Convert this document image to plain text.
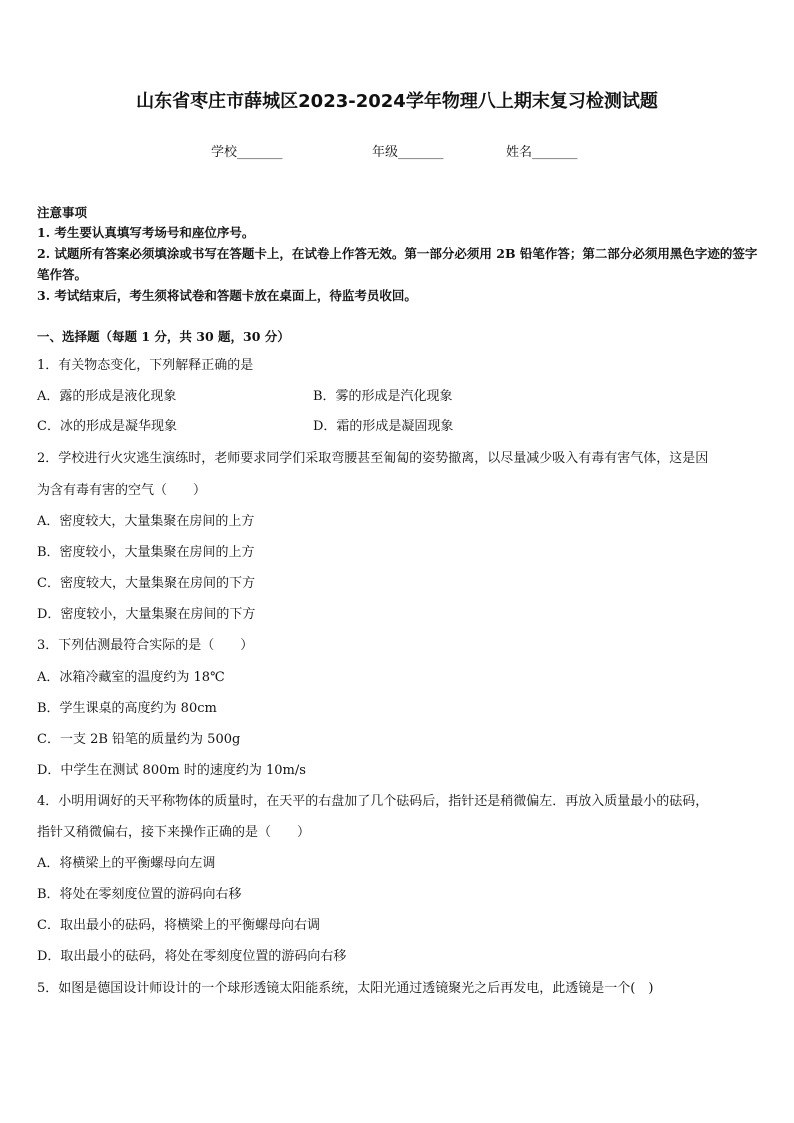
山东省枣庄市薛城区2023-2024学年物理八上期末复习检测试题
学校_______	年级_______	姓名_______
注意事项
1. 考生要认真填写考场号和座位序号。
2. 试题所有答案必须填涂或书写在答题卡上，在试卷上作答无效。第一部分必须用 2B 铅笔作答；第二部分必须用黑色字迹的签字笔作答。
3. 考试结束后，考生须将试卷和答题卡放在桌面上，待监考员收回。
一、选择题（每题 1 分，共 30 题，30 分）
1．有关物态变化，下列解释正确的是
A．露的形成是液化现象	B．雾的形成是汽化现象
C．冰的形成是凝华现象	D．霜的形成是凝固现象
2．学校进行火灾逃生演练时，老师要求同学们采取弯腰甚至匍匐的姿势撤离，以尽量减少吸入有毒有害气体，这是因
为含有毒有害的空气（　　）
A．密度较大，大量集聚在房间的上方
B．密度较小，大量集聚在房间的上方
C．密度较大，大量集聚在房间的下方
D．密度较小，大量集聚在房间的下方
3．下列估测最符合实际的是（　　）
A．冰箱冷藏室的温度约为 18℃
B．学生课桌的高度约为 80cm
C．一支 2B 铅笔的质量约为 500g
D．中学生在测试 800m 时的速度约为 10m/s
4．小明用调好的天平称物体的质量时，在天平的右盘加了几个砝码后，指针还是稍微偏左．再放入质量最小的砝码，
指针又稍微偏右，接下来操作正确的是（　　）
A．将横梁上的平衡螺母向左调
B．将处在零刻度位置的游码向右移
C．取出最小的砝码，将横梁上的平衡螺母向右调
D．取出最小的砝码，将处在零刻度位置的游码向右移
5．如图是德国设计师设计的一个球形透镜太阳能系统，太阳光通过透镜聚光之后再发电，此透镜是一个(　)
